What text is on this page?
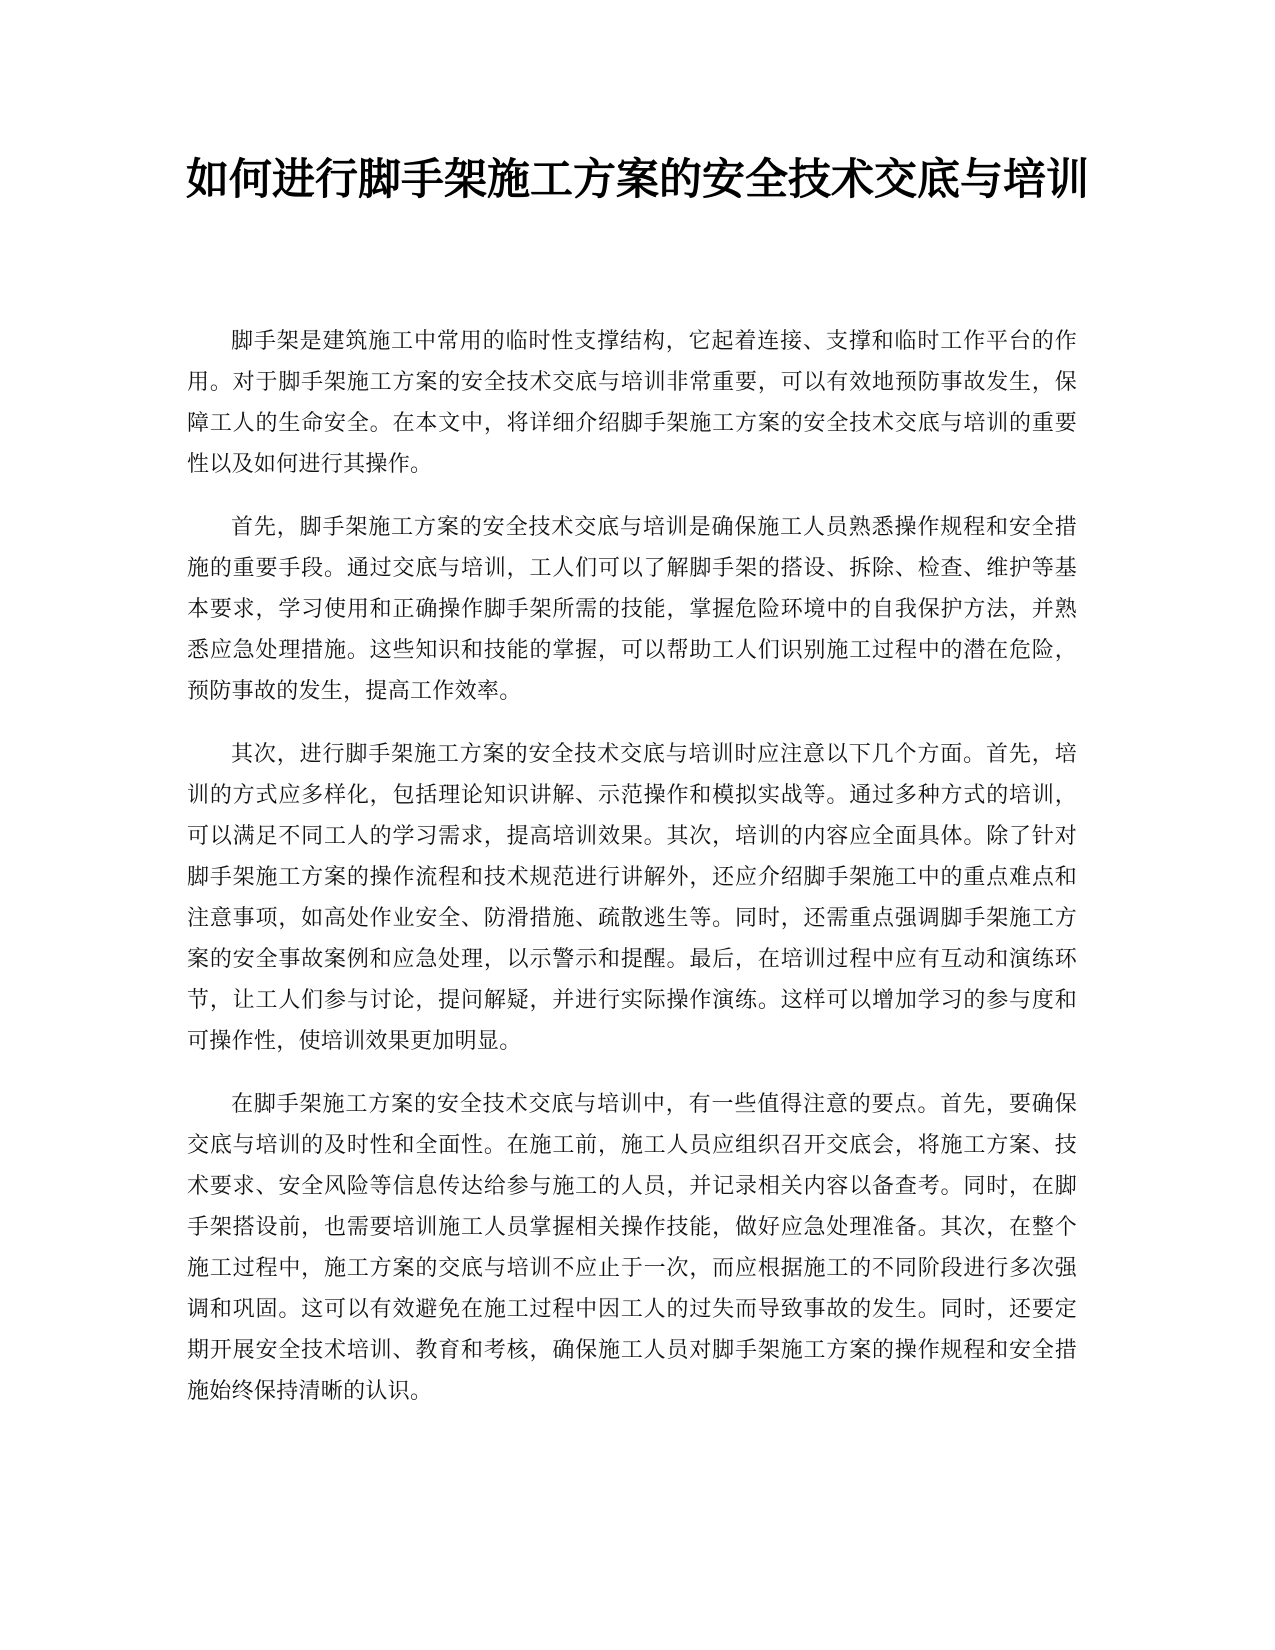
如何进行脚手架施工方案的安全技术交底与培训

脚手架是建筑施工中常用的临时性支撑结构，它起着连接、支撑和临时工作平台的作用。对于脚手架施工方案的安全技术交底与培训非常重要，可以有效地预防事故发生，保障工人的生命安全。在本文中，将详细介绍脚手架施工方案的安全技术交底与培训的重要性以及如何进行其操作。

首先，脚手架施工方案的安全技术交底与培训是确保施工人员熟悉操作规程和安全措施的重要手段。通过交底与培训，工人们可以了解脚手架的搭设、拆除、检查、维护等基本要求，学习使用和正确操作脚手架所需的技能，掌握危险环境中的自我保护方法，并熟悉应急处理措施。这些知识和技能的掌握，可以帮助工人们识别施工过程中的潜在危险，预防事故的发生，提高工作效率。

其次，进行脚手架施工方案的安全技术交底与培训时应注意以下几个方面。首先，培训的方式应多样化，包括理论知识讲解、示范操作和模拟实战等。通过多种方式的培训，可以满足不同工人的学习需求，提高培训效果。其次，培训的内容应全面具体。除了针对脚手架施工方案的操作流程和技术规范进行讲解外，还应介绍脚手架施工中的重点难点和注意事项，如高处作业安全、防滑措施、疏散逃生等。同时，还需重点强调脚手架施工方案的安全事故案例和应急处理，以示警示和提醒。最后，在培训过程中应有互动和演练环节，让工人们参与讨论，提问解疑，并进行实际操作演练。这样可以增加学习的参与度和可操作性，使培训效果更加明显。

在脚手架施工方案的安全技术交底与培训中，有一些值得注意的要点。首先，要确保交底与培训的及时性和全面性。在施工前，施工人员应组织召开交底会，将施工方案、技术要求、安全风险等信息传达给参与施工的人员，并记录相关内容以备查考。同时，在脚手架搭设前，也需要培训施工人员掌握相关操作技能，做好应急处理准备。其次，在整个施工过程中，施工方案的交底与培训不应止于一次，而应根据施工的不同阶段进行多次强调和巩固。这可以有效避免在施工过程中因工人的过失而导致事故的发生。同时，还要定期开展安全技术培训、教育和考核，确保施工人员对脚手架施工方案的操作规程和安全措施始终保持清晰的认识。
